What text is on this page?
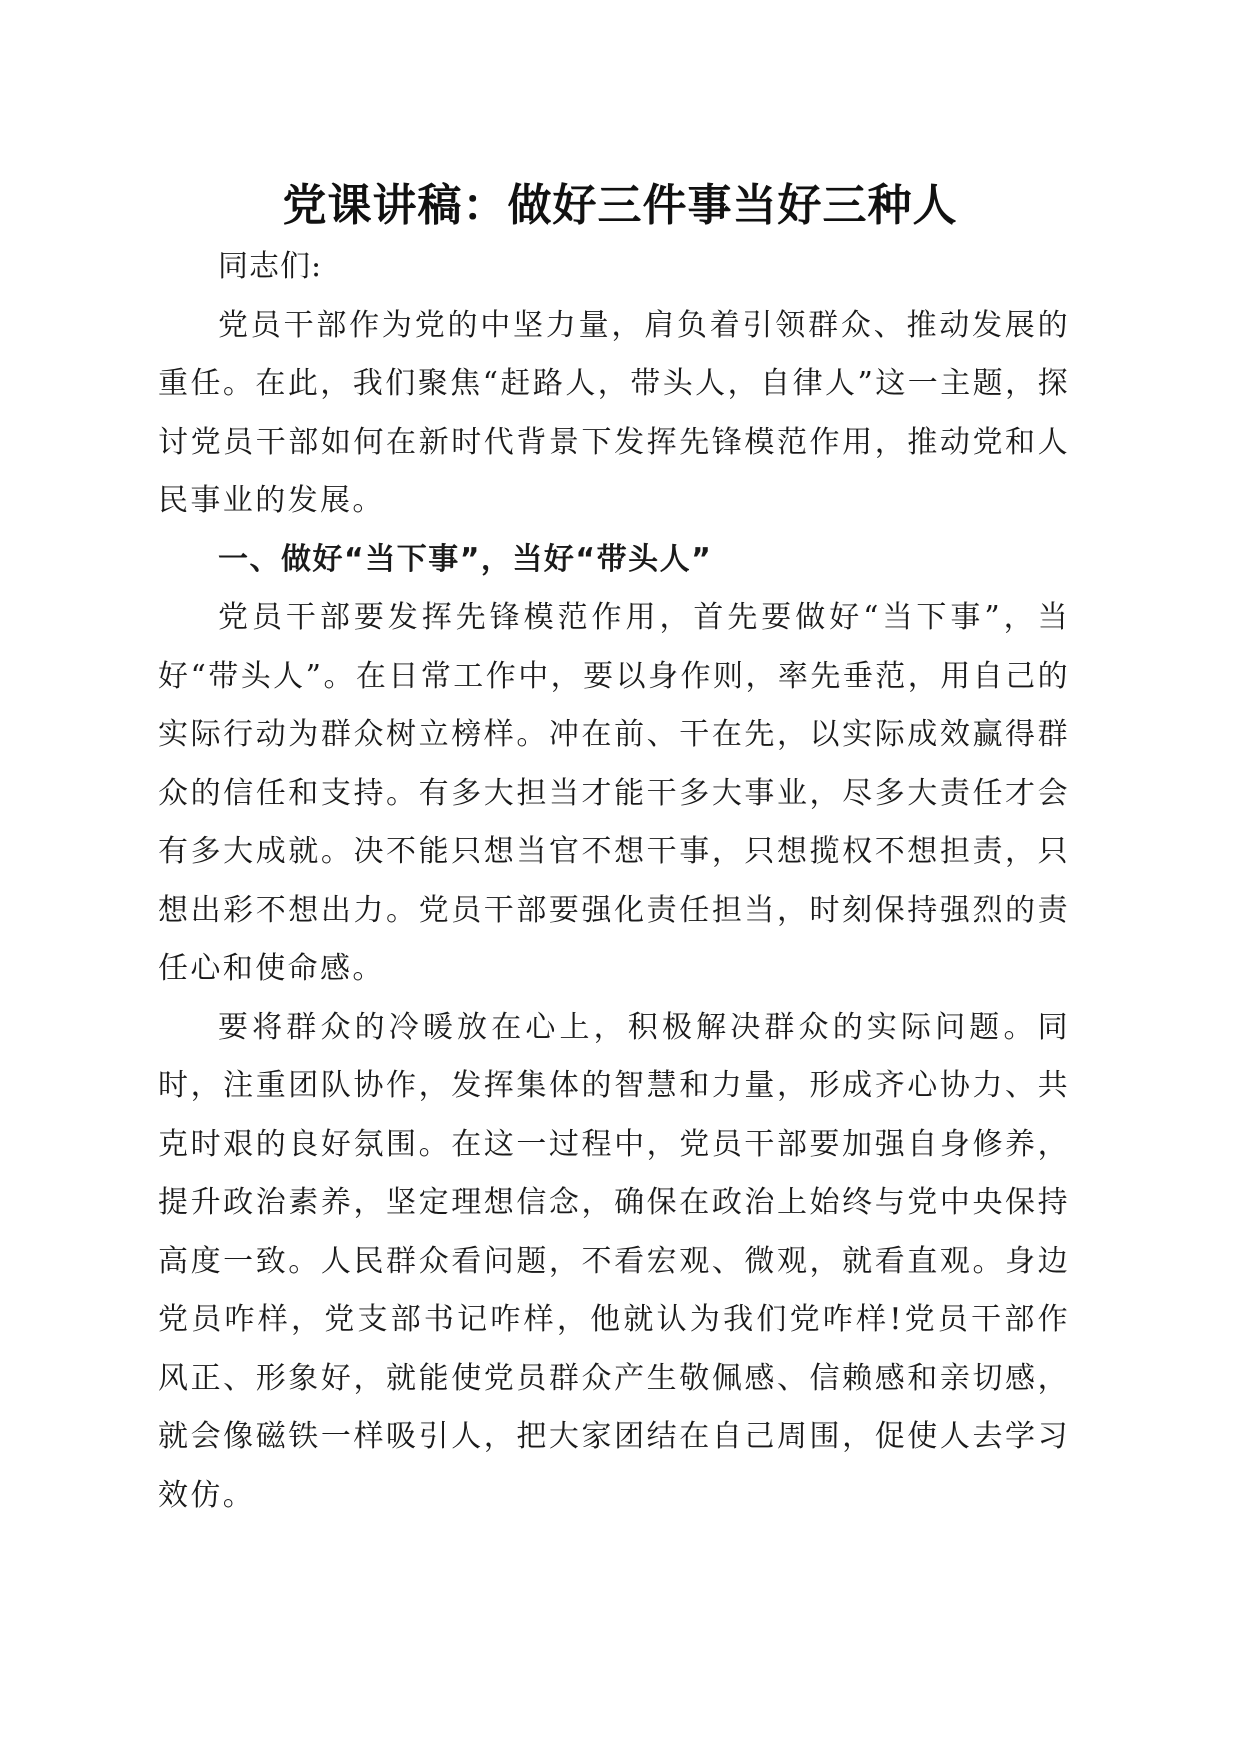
党课讲稿：做好三件事当好三种人

同志们:

党员干部作为党的中坚力量，肩负着引领群众、推动发展的重任。在此，我们聚焦“赶路人，带头人，自律人”这一主题，探讨党员干部如何在新时代背景下发挥先锋模范作用，推动党和人民事业的发展。

一、做好“当下事”，当好“带头人”

党员干部要发挥先锋模范作用，首先要做好“当下事”，当好“带头人”。在日常工作中，要以身作则，率先垂范，用自己的实际行动为群众树立榜样。冲在前、干在先，以实际成效赢得群众的信任和支持。有多大担当才能干多大事业，尽多大责任才会有多大成就。决不能只想当官不想干事，只想揽权不想担责，只想出彩不想出力。党员干部要强化责任担当，时刻保持强烈的责任心和使命感。

要将群众的冷暖放在心上，积极解决群众的实际问题。同时，注重团队协作，发挥集体的智慧和力量，形成齐心协力、共克时艰的良好氛围。在这一过程中，党员干部要加强自身修养，提升政治素养，坚定理想信念，确保在政治上始终与党中央保持高度一致。人民群众看问题，不看宏观、微观，就看直观。身边党员咋样，党支部书记咋样，他就认为我们党咋样!党员干部作风正、形象好，就能使党员群众产生敬佩感、信赖感和亲切感，就会像磁铁一样吸引人，把大家团结在自己周围，促使人去学习效仿。
